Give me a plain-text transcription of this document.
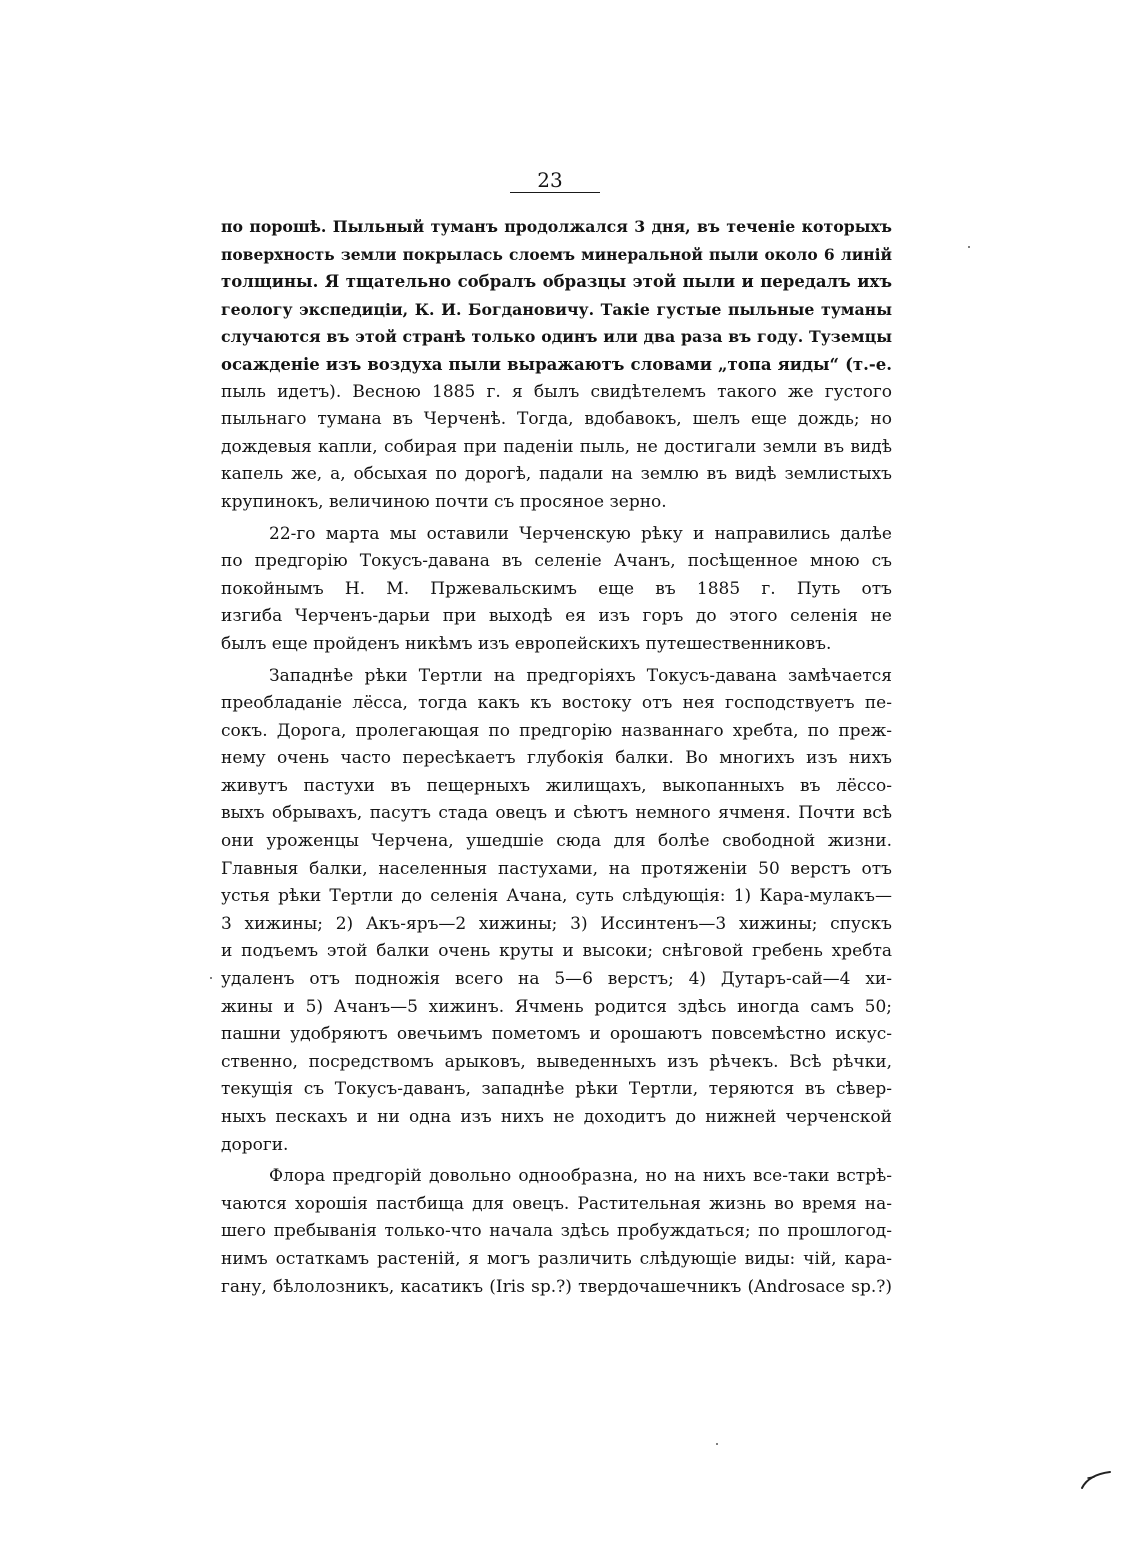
23
по порошѣ. Пыльный туманъ продолжался 3 дня, въ теченіе которыхъ
поверхность земли покрылась слоемъ минеральной пыли около 6 линій
толщины. Я тщательно собралъ образцы этой пыли и передалъ ихъ
геологу экспедиціи, К. И. Богдановичу. Такіе густые пыльные туманы
случаются въ этой странѣ только одинъ или два раза въ году. Туземцы
осажденіе изъ воздуха пыли выражаютъ словами „топа яиды“ (т.-е.
пыль идетъ). Весною 1885 г. я былъ свидѣтелемъ такого же густого
пыльнаго тумана въ Черченѣ. Тогда, вдобавокъ, шелъ еще дождь; но
дождевыя капли, собирая при паденіи пыль, не достигали земли въ видѣ
капель же, а, обсыхая по дорогѣ, падали на землю въ видѣ землистыхъ
крупинокъ, величиною почти съ просяное зерно.
22-го марта мы оставили Черченскую рѣку и направились далѣе
по предгорію Токусъ-давана въ селеніе Ачанъ, посѣщенное мною съ
покойнымъ Н. М. Пржевальскимъ еще въ 1885 г. Путь отъ
изгиба Черченъ-дарьи при выходѣ ея изъ горъ до этого селенія не
былъ еще пройденъ никѣмъ изъ европейскихъ путешественниковъ.
Западнѣе рѣки Тертли на предгоріяхъ Токусъ-давана замѣчается
преобладаніе лёсса, тогда какъ къ востоку отъ нея господствуетъ пе-
сокъ. Дорога, пролегающая по предгорію названнаго хребта, по преж-
нему очень часто пересѣкаетъ глубокія балки. Во многихъ изъ нихъ
живутъ пастухи въ пещерныхъ жилищахъ, выкопанныхъ въ лёссо-
выхъ обрывахъ, пасутъ стада овецъ и сѣютъ немного ячменя. Почти всѣ
они уроженцы Черчена, ушедшіе сюда для болѣе свободной жизни.
Главныя балки, населенныя пастухами, на протяженіи 50 верстъ отъ
устья рѣки Тертли до селенія Ачана, суть слѣдующія: 1) Кара-мулакъ—
3 хижины; 2) Акъ-яръ—2 хижины; 3) Иссинтенъ—3 хижины; спускъ
и подъемъ этой балки очень круты и высоки; снѣговой гребень хребта
удаленъ отъ подножія всего на 5—6 верстъ; 4) Дутаръ-сай—4 хи-
жины и 5) Ачанъ—5 хижинъ. Ячмень родится здѣсь иногда самъ 50;
пашни удобряютъ овечьимъ пометомъ и орошаютъ повсемѣстно искус-
ственно, посредствомъ арыковъ, выведенныхъ изъ рѣчекъ. Всѣ рѣчки,
текущія съ Токусъ-даванъ, западнѣе рѣки Тертли, теряются въ сѣвер-
ныхъ пескахъ и ни одна изъ нихъ не доходитъ до нижней черченской
дороги.
Флора предгорій довольно однообразна, но на нихъ все-таки встрѣ-
чаются хорошія пастбища для овецъ. Растительная жизнь во время на-
шего пребыванія только-что начала здѣсь пробуждаться; по прошлогод-
нимъ остаткамъ растеній, я могъ различить слѣдующіе виды: чій, кара-
гану, бѣлолозникъ, касатикъ (Iris sp.?) твердочашечникъ (Androsace sp.?)
